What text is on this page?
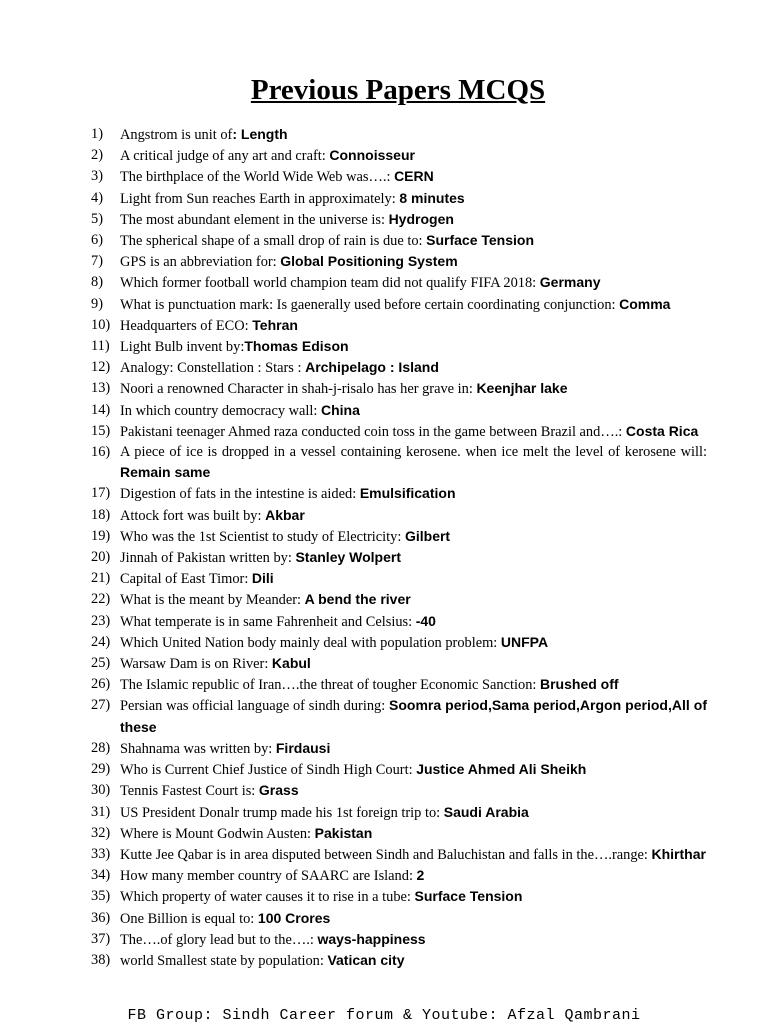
Previous Papers MCQS
1) Angstrom is unit of: Length
2) A critical judge of any art and craft: Connoisseur
3) The birthplace of the World Wide Web was….: CERN
4) Light from Sun reaches Earth in approximately: 8 minutes
5) The most abundant element in the universe is: Hydrogen
6) The spherical shape of a small drop of rain is due to: Surface Tension
7) GPS is an abbreviation for: Global Positioning System
8) Which former football world champion team did not qualify FIFA 2018: Germany
9) What is punctuation mark: Is gaenerally used before certain coordinating conjunction: Comma
10) Headquarters of ECO: Tehran
11) Light Bulb invent by:Thomas Edison
12) Analogy: Constellation : Stars : Archipelago : Island
13) Noori a renowned Character in shah-j-risalo has her grave in: Keenjhar lake
14) In which country democracy wall: China
15) Pakistani teenager Ahmed raza conducted coin toss in the game between Brazil and….: Costa Rica
16) A piece of ice is dropped in a vessel containing kerosene. when ice melt the level of kerosene will: Remain same
17) Digestion of fats in the intestine is aided: Emulsification
18) Attock fort was built by: Akbar
19) Who was the 1st Scientist to study of Electricity: Gilbert
20) Jinnah of Pakistan written by: Stanley Wolpert
21) Capital of East Timor: Dili
22) What is the meant by Meander: A bend the river
23) What temperate is in same Fahrenheit and Celsius: -40
24) Which United Nation body mainly deal with population problem: UNFPA
25) Warsaw Dam is on River: Kabul
26) The Islamic republic of Iran….the threat of tougher Economic Sanction: Brushed off
27) Persian was official language of sindh during: Soomra period,Sama period,Argon period,All of these
28) Shahnama was written by: Firdausi
29) Who is Current Chief Justice of Sindh High Court: Justice Ahmed Ali Sheikh
30) Tennis Fastest Court is: Grass
31) US President Donalr trump made his 1st foreign trip to: Saudi Arabia
32) Where is Mount Godwin Austen: Pakistan
33) Kutte Jee Qabar is in area disputed between Sindh and Baluchistan and falls in the….range: Khirthar
34) How many member country of SAARC are Island: 2
35) Which property of water causes it to rise in a tube: Surface Tension
36) One Billion is equal to: 100 Crores
37) The….of glory lead but to the….: ways-happiness
38) world Smallest state by population: Vatican city
FB Group: Sindh Career forum & Youtube: Afzal Qambrani
